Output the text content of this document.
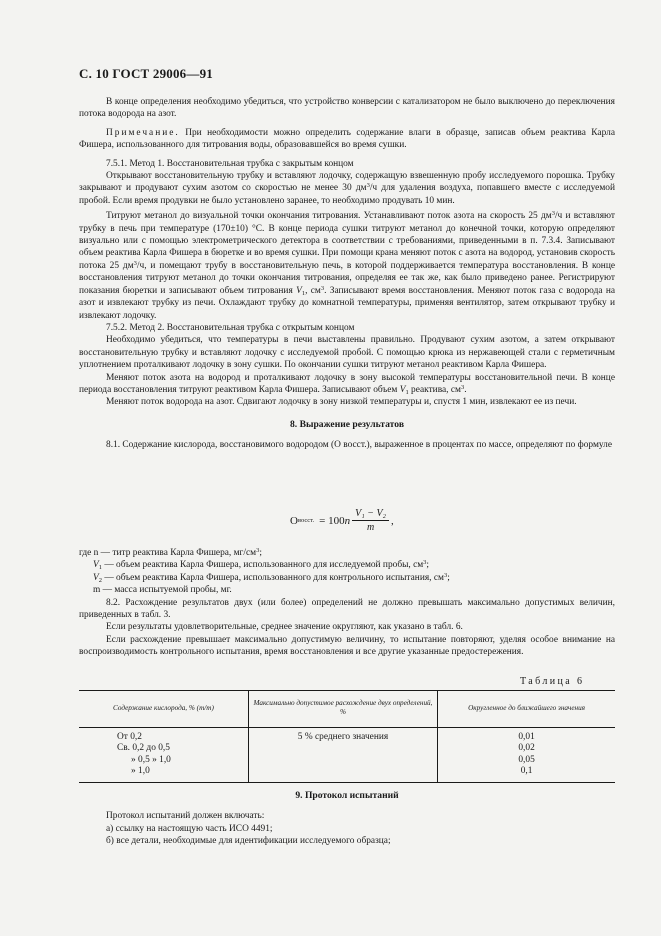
С. 10 ГОСТ 29006—91

В конце определения необходимо убедиться, что устройство конверсии с катализатором не было выключено до переключения потока водорода на азот.

Примечание. При необходимости можно определить содержание влаги в образце, записав объем реактива Карла Фишера, использованного для титрования воды, образовавшейся во время сушки.

7.5.1. Метод 1. Восстановительная трубка с закрытым концом

Открывают восстановительную трубку и вставляют лодочку, содержащую взвешенную пробу исследуемого порошка. Трубку закрывают и продувают сухим азотом со скоростью не менее 30 $дм^3/ч$ для удаления воздуха, попавшего вместе с исследуемой пробой. Если время продувки не было установлено заранее, то необходимо продувать 10 мин.

Титруют метанол до визуальной точки окончания титрования. Устанавливают поток азота на скорость 25 $дм^3/ч$ и вставляют трубку в печь при температуре (170±10) °С. В конце периода сушки титруют метанол до конечной точки, которую определяют визуально или с помощью электрометрического детектора в соответствии с требованиями, приведенными в п. 7.3.4. Записывают объем реактива Карла Фишера в бюретке и во время сушки. При помощи крана меняют поток с азота на водород, установив скорость потока 25 $дм^3/ч$, и помещают трубу в восстановительную печь, в которой поддерживается температура восстановления. В конце восстановления титруют метанол до точки окончания титрования, определяя ее так же, как было приведено ранее. Регистрируют показания бюретки и записывают объем титрования $V_1$, $см^3$. Записывают время восстановления. Меняют поток газа с водорода на азот и извлекают трубку из печи. Охлаждают трубку до комнатной температуры, применяя вентилятор, затем открывают трубку и извлекают лодочку.

7.5.2. Метод 2. Восстановительная трубка с открытым концом

Необходимо убедиться, что температуры в печи выставлены правильно. Продувают сухим азотом, а затем открывают восстановительную трубку и вставляют лодочку с исследуемой пробой. С помощью крюка из нержавеющей стали с герметичным уплотнением проталкивают лодочку в зону сушки. По окончании сушки титруют метанол реактивом Карла Фишера.

Меняют поток азота на водород и проталкивают лодочку в зону высокой температуры восстановительной печи. В конце периода восстановления титруют реактивом Карла Фишера. Записывают объем $V_1$ реактива, $см^3$.

Меняют поток водорода на азот. Сдвигают лодочку в зону низкой температуры и, спустя 1 мин, извлекают ее из печи.

8. Выражение результатов

8.1. Содержание кислорода, восстановимого водородом (О восст.), выраженное в процентах по массе, определяют по формуле

O восст. = 100 n $\frac{\text{V₁ − V₂}}{m}$ ,

где n — титр реактива Карла Фишера, $мг/см^3$;

$V_1$ — объем реактива Карла Фишера, использованного для исследуемой пробы, $см^3$;

$V_2$ — объем реактива Карла Фишера, использованного для контрольного испытания, $см^3$;

m — масса испытуемой пробы, мг.

8.2. Расхождение результатов двух (или более) определений не должно превышать максимально допустимых величин, приведенных в табл. 3.

Если результаты удовлетворительные, среднее значение округляют, как указано в табл. 6.

Если расхождение превышает максимально допустимую величину, то испытание повторяют, уделяя особое внимание на воспроизводимость контрольного испытания, время восстановления и все другие указанные предостережения.

Таблица 6
Содержание кислорода, % (m/m)	Максимально допустимое расхождение двух определений, %	Округленное до ближайшего значения
От 0,2	5 % среднего значения	0,01
Св. 0,2 до 0,5		0,02
» 0,5 » 1,0		0,05
» 1,0		0,1

9. Протокол испытаний

Протокол испытаний должен включать:

а) ссылку на настоящую часть ИСО 4491;

б) все детали, необходимые для идентификации исследуемого образца;
